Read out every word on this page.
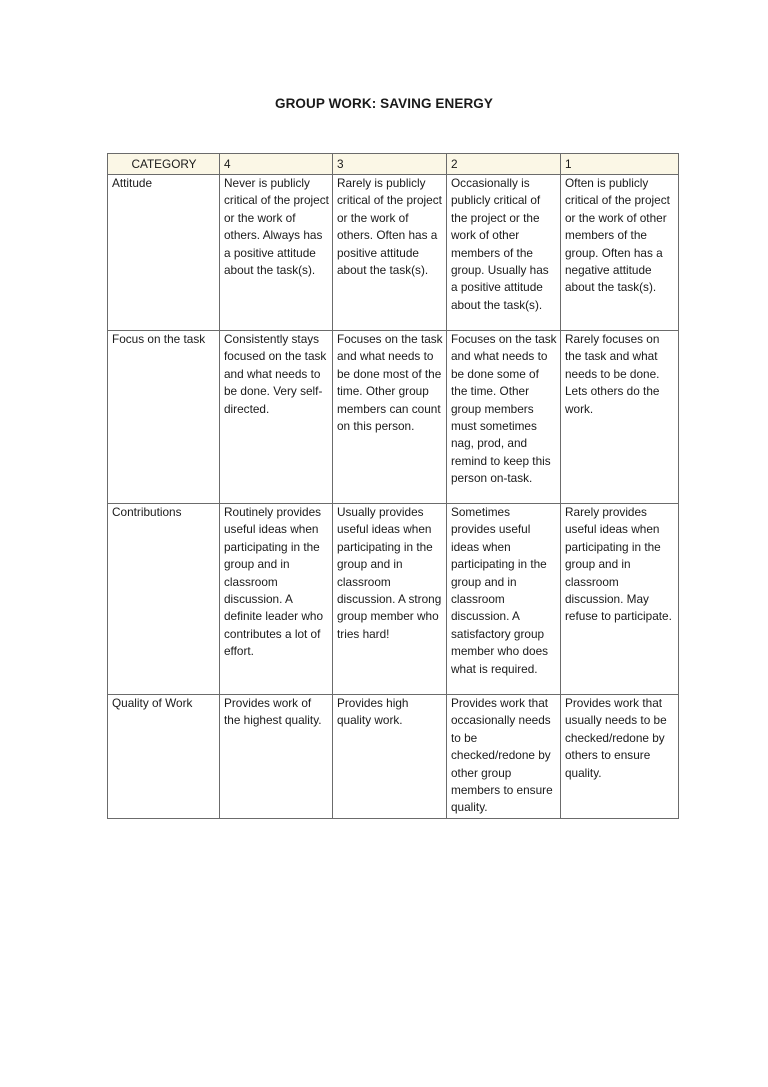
GROUP WORK: SAVING ENERGY
CATEGORY	4	3	2	1
Attitude	Never is publicly critical of the project or the work of others. Always has a positive attitude about the task(s).	Rarely is publicly critical of the project or the work of others. Often has a positive attitude about the task(s).	Occasionally is publicly critical of the project or the work of other members of the group. Usually has a positive attitude about the task(s).	Often is publicly critical of the project or the work of other members of the group. Often has a negative attitude about the task(s).
Focus on the task	Consistently stays focused on the task and what needs to be done. Very self-directed.	Focuses on the task and what needs to be done most of the time. Other group members can count on this person.	Focuses on the task and what needs to be done some of the time. Other group members must sometimes nag, prod, and remind to keep this person on-task.	Rarely focuses on the task and what needs to be done. Lets others do the work.
Contributions	Routinely provides useful ideas when participating in the group and in classroom discussion. A definite leader who contributes a lot of effort.	Usually provides useful ideas when participating in the group and in classroom discussion. A strong group member who tries hard!	Sometimes provides useful ideas when participating in the group and in classroom discussion. A satisfactory group member who does what is required.	Rarely provides useful ideas when participating in the group and in classroom discussion. May refuse to participate.
Quality of Work	Provides work of the highest quality.	Provides high quality work.	Provides work that occasionally needs to be checked/redone by other group members to ensure quality.	Provides work that usually needs to be checked/redone by others to ensure quality.
